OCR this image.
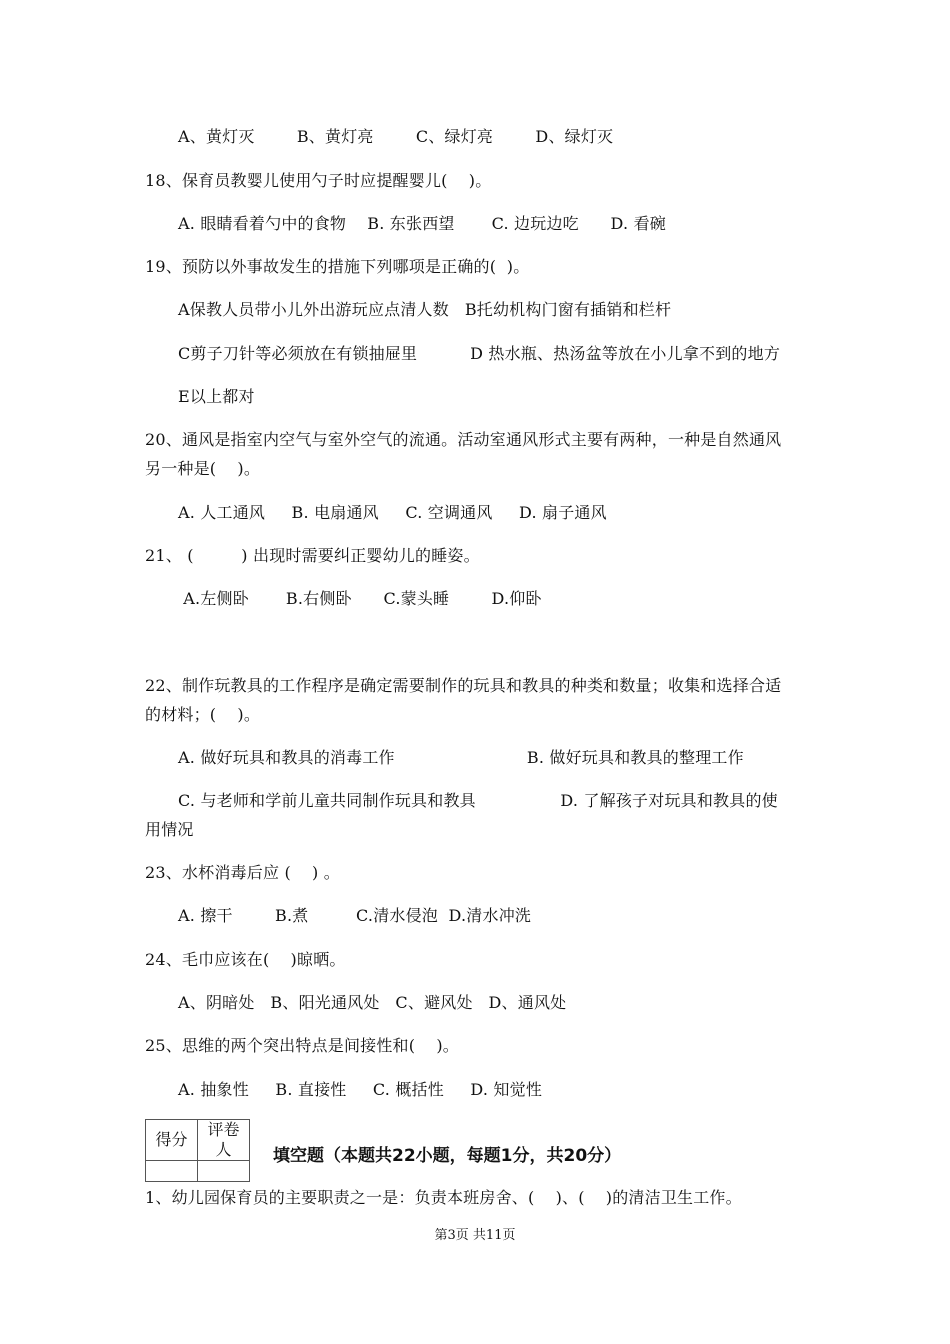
A、黄灯灭        B、黄灯亮        C、绿灯亮        D、绿灯灭
18、保育员教婴儿使用勺子时应提醒婴儿(    )。
A. 眼睛看着勺中的食物    B. 东张西望       C. 边玩边吃      D. 看碗
19、预防以外事故发生的措施下列哪项是正确的(  )。
A保教人员带小儿外出游玩应点清人数   B托幼机构门窗有插销和栏杆
C剪子刀针等必须放在有锁抽屉里          D 热水瓶、热汤盆等放在小儿拿不到的地方
E以上都对
20、通风是指室内空气与室外空气的流通。活动室通风形式主要有两种，一种是自然通风
另一种是(    )。
A. 人工通风     B. 电扇通风     C. 空调通风     D. 扇子通风
21、 (         ) 出现时需要纠正婴幼儿的睡姿。
A.左侧卧       B.右侧卧      C.蒙头睡        D.仰卧
22、制作玩教具的工作程序是确定需要制作的玩具和教具的种类和数量；收集和选择合适
的材料；(    )。
A. 做好玩具和教具的消毒工作                         B. 做好玩具和教具的整理工作
C. 与老师和学前儿童共同制作玩具和教具                D. 了解孩子对玩具和教具的使
用情况
23、水杯消毒后应 (    ) 。
A. 擦干        B.煮         C.清水侵泡  D.清水冲洗
24、毛巾应该在(    )晾晒。
A、阴暗处   B、阳光通风处   C、避风处   D、通风处
25、思维的两个突出特点是间接性和(    )。
A. 抽象性     B. 直接性     C. 概括性     D. 知觉性
得分	评卷人
	填空题（本题共22小题，每题1分，共20分）
1、幼儿园保育员的主要职责之一是：负责本班房舍、(    )、(    )的清洁卫生工作。
第3页 共11页
